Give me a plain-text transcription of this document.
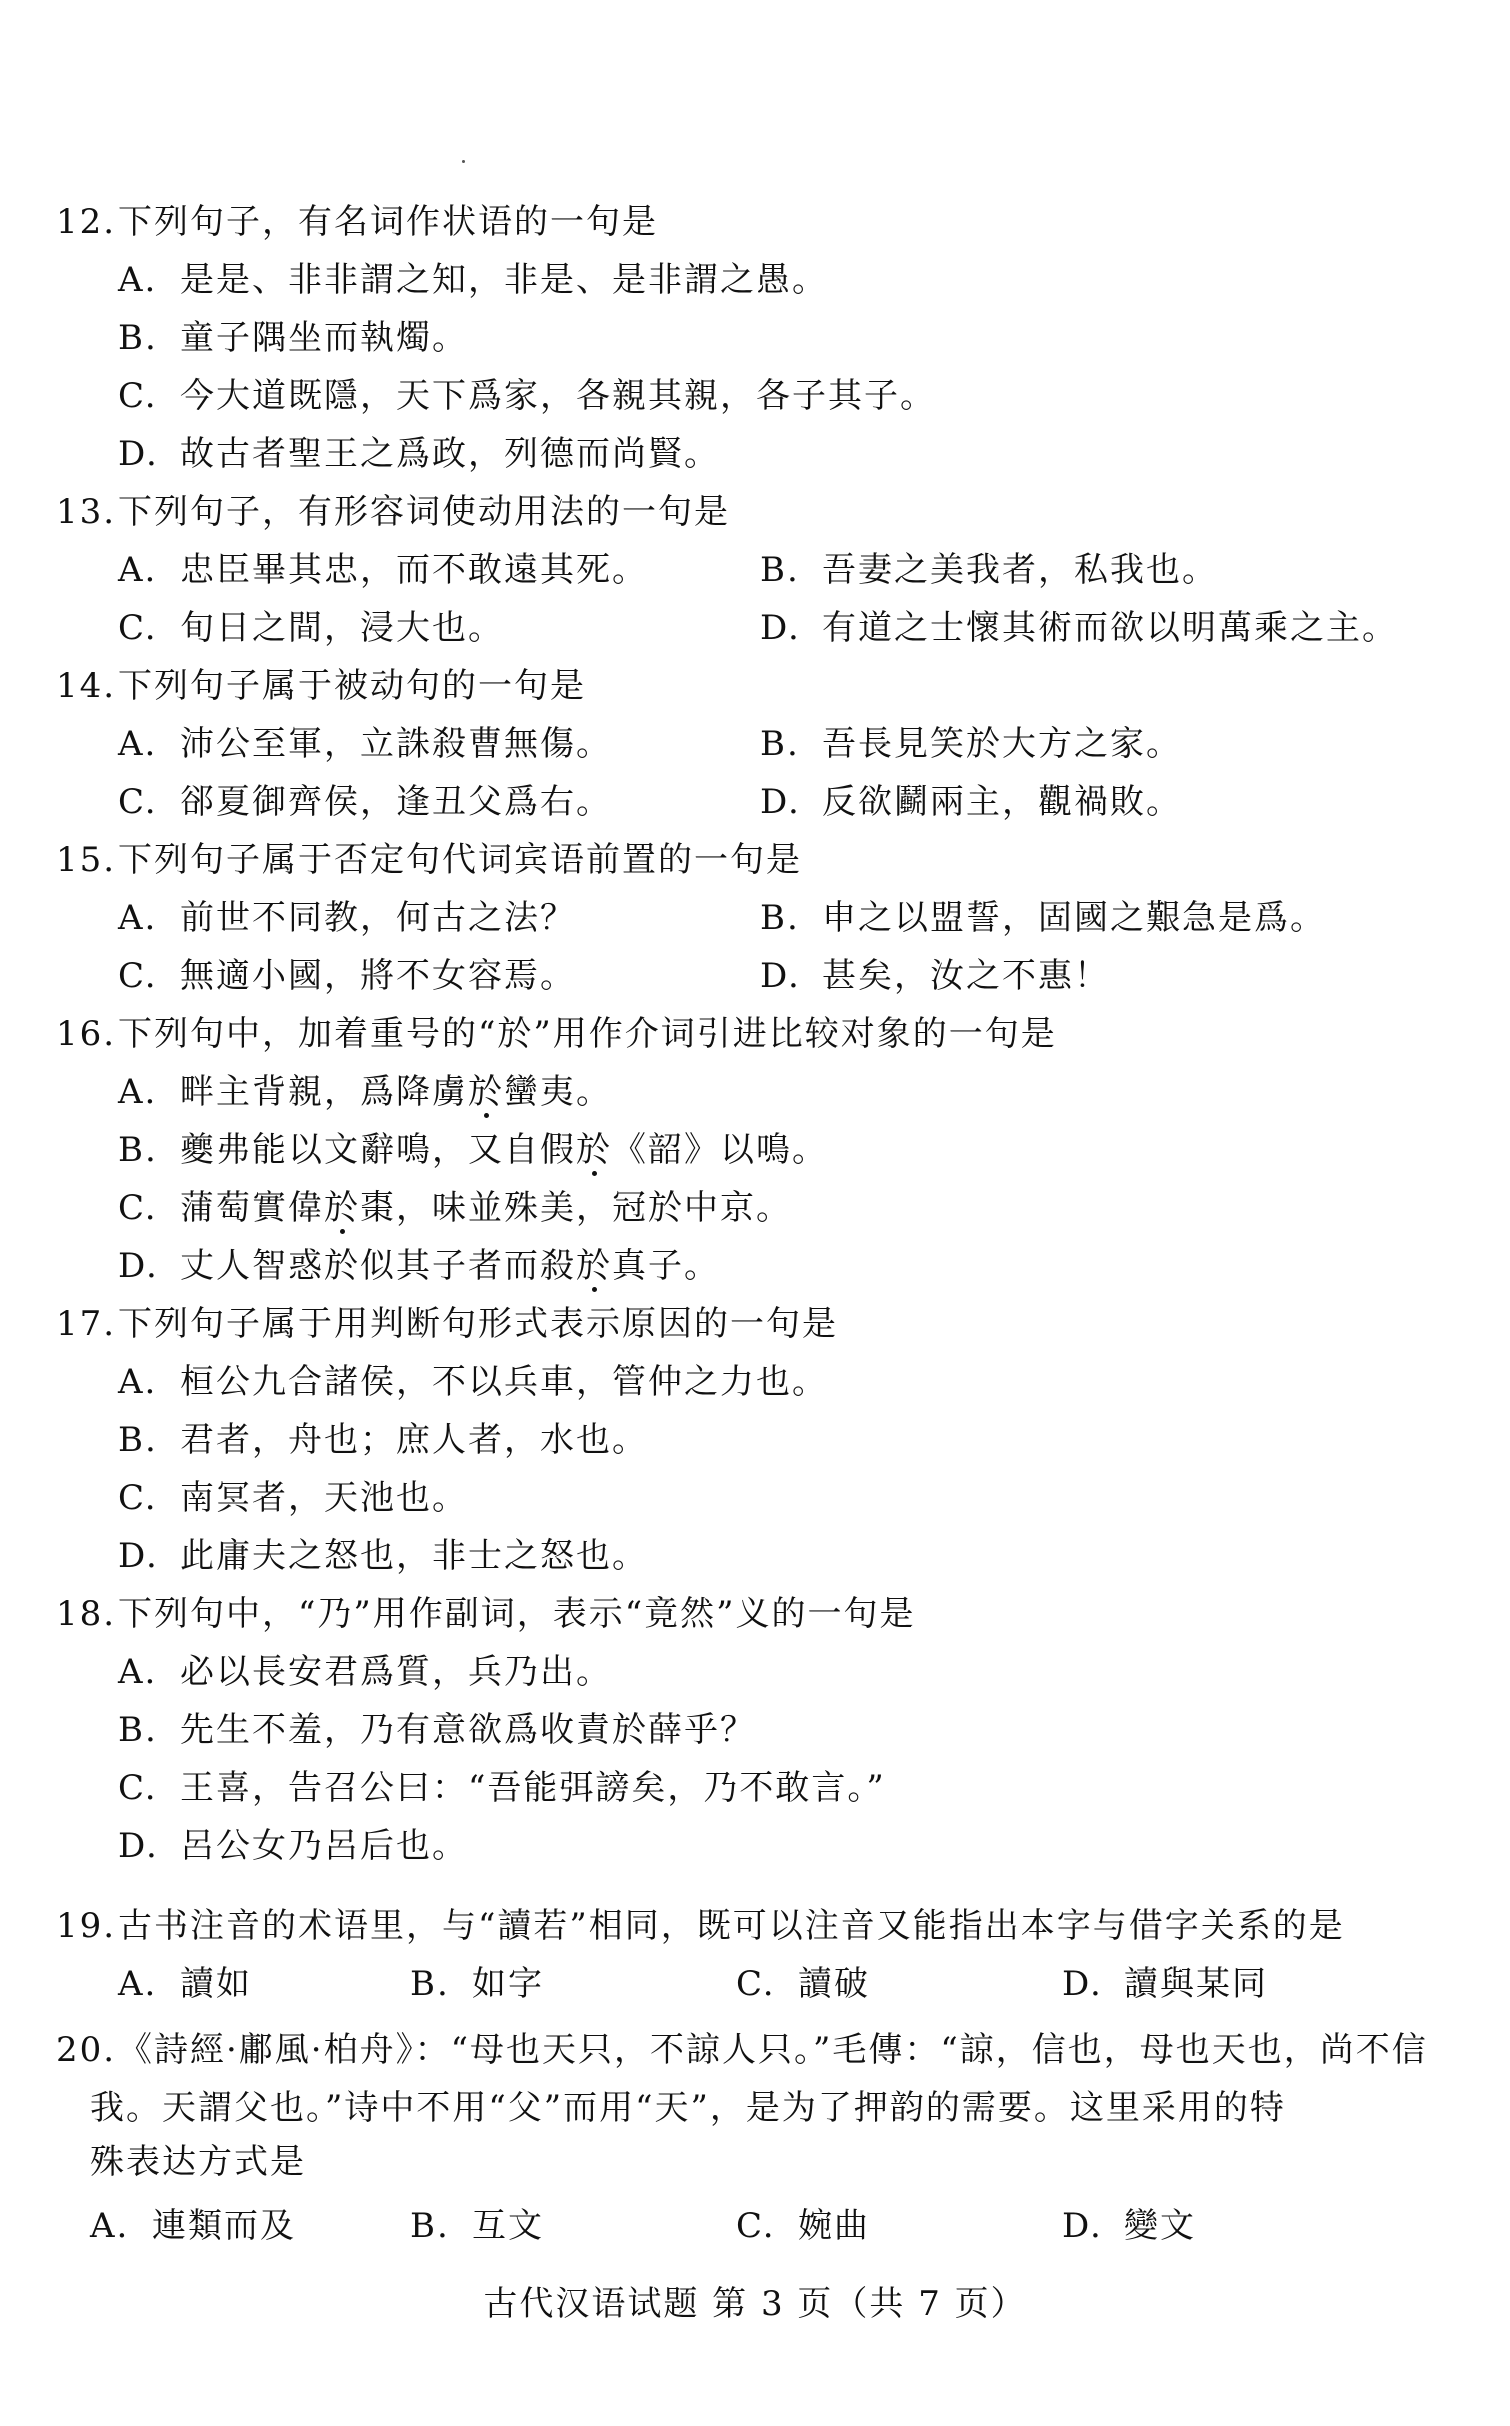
12.下列句子，有名词作状语的一句是
A. 是是、非非謂之知，非是、是非謂之愚。
B. 童子隅坐而執燭。
C. 今大道既隱，天下爲家，各親其親，各子其子。
D. 故古者聖王之爲政，列德而尚賢。
13.下列句子，有形容词使动用法的一句是
A. 忠臣畢其忠，而不敢遠其死。	B. 吾妻之美我者，私我也。
C. 旬日之間，浸大也。	D. 有道之士懷其術而欲以明萬乘之主。
14.下列句子属于被动句的一句是
A. 沛公至軍，立誅殺曹無傷。	B. 吾長見笑於大方之家。
C. 郤夏御齊侯，逢丑父爲右。	D. 反欲鬬兩主，觀禍敗。
15.下列句子属于否定句代词宾语前置的一句是
A. 前世不同教，何古之法？	B. 申之以盟誓，固國之艱急是爲。
C. 無適小國，將不女容焉。	D. 甚矣，汝之不惠！
16.下列句中，加着重号的“於”用作介词引进比较对象的一句是
A. 畔主背親，爲降虜於蠻夷。
B. 夔弗能以文辭鳴，又自假於《韶》以鳴。
C. 蒲萄實偉於棗，味並殊美，冠於中京。
D. 丈人智惑於似其子者而殺於真子。
17.下列句子属于用判断句形式表示原因的一句是
A. 桓公九合諸侯，不以兵車，管仲之力也。
B. 君者，舟也；庶人者，水也。
C. 南冥者，天池也。
D. 此庸夫之怒也，非士之怒也。
18.下列句中，“乃”用作副词，表示“竟然”义的一句是
A. 必以長安君爲質，兵乃出。
B. 先生不羞，乃有意欲爲收責於薛乎？
C. 王喜，告召公曰：“吾能弭謗矣，乃不敢言。”
D. 呂公女乃呂后也。
19.古书注音的术语里，与“讀若”相同，既可以注音又能指出本字与借字关系的是
A. 讀如	B. 如字	C. 讀破	D. 讀與某同
20.《詩經·鄘風·柏舟》：“母也天只，不諒人只。”毛傳：“諒，信也，母也天也，尚不信
我。天謂父也。”诗中不用“父”而用“天”，是为了押韵的需要。这里采用的特
殊表达方式是
A. 連類而及	B. 互文	C. 婉曲	D. 變文
古代汉语试题 第 3 页（共 7 页）
